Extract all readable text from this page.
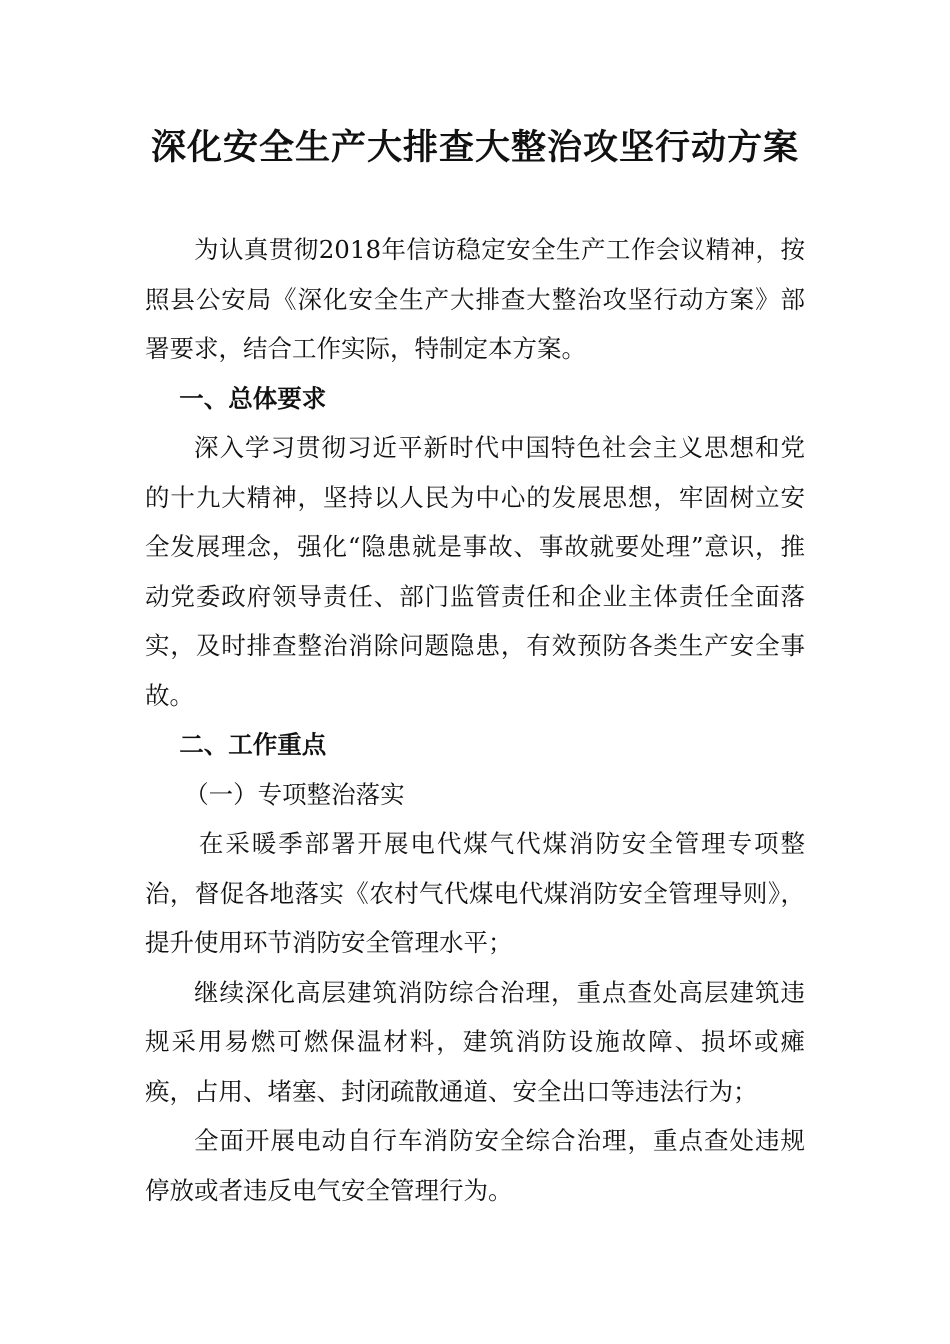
深化安全生产大排查大整治攻坚行动方案

为认真贯彻2018年信访稳定安全生产工作会议精神，按照县公安局《深化安全生产大排查大整治攻坚行动方案》部署要求，结合工作实际，特制定本方案。

一、总体要求

深入学习贯彻习近平新时代中国特色社会主义思想和党的十九大精神，坚持以人民为中心的发展思想，牢固树立安全发展理念，强化“隐患就是事故、事故就要处理”意识，推动党委政府领导责任、部门监管责任和企业主体责任全面落实，及时排查整治消除问题隐患，有效预防各类生产安全事故。

二、工作重点

（一）专项整治落实

在采暖季部署开展电代煤气代煤消防安全管理专项整治，督促各地落实《农村气代煤电代煤消防安全管理导则》，提升使用环节消防安全管理水平；

继续深化高层建筑消防综合治理，重点查处高层建筑违规采用易燃可燃保温材料，建筑消防设施故障、损坏或瘫痪，占用、堵塞、封闭疏散通道、安全出口等违法行为；

全面开展电动自行车消防安全综合治理，重点查处违规停放或者违反电气安全管理行为。
